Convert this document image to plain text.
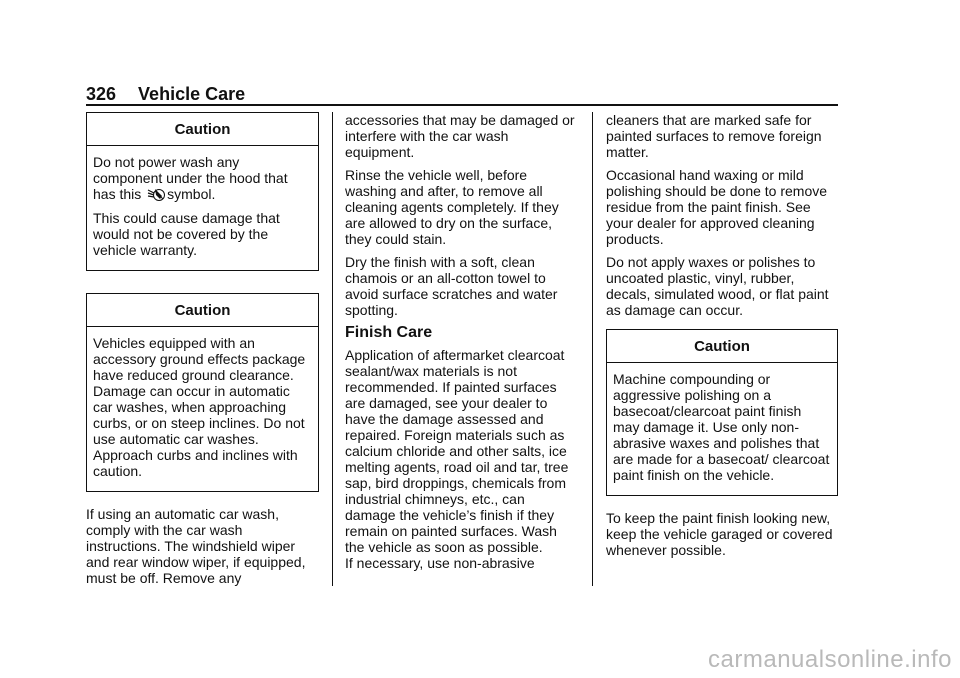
326 Vehicle Care
Caution

Do not power wash any component under the hood that has this symbol.

This could cause damage that would not be covered by the vehicle warranty.

Caution

Vehicles equipped with an accessory ground effects package have reduced ground clearance. Damage can occur in automatic car washes, when approaching curbs, or on steep inclines. Do not use automatic car washes. Approach curbs and inclines with caution.

If using an automatic car wash, comply with the car wash instructions. The windshield wiper and rear window wiper, if equipped, must be off. Remove any

accessories that may be damaged or interfere with the car wash equipment.

Rinse the vehicle well, before washing and after, to remove all cleaning agents completely. If they are allowed to dry on the surface, they could stain.

Dry the finish with a soft, clean chamois or an all-cotton towel to avoid surface scratches and water spotting.

Finish Care

Application of aftermarket clearcoat sealant/wax materials is not recommended. If painted surfaces are damaged, see your dealer to have the damage assessed and repaired. Foreign materials such as calcium chloride and other salts, ice melting agents, road oil and tar, tree sap, bird droppings, chemicals from industrial chimneys, etc., can damage the vehicle’s finish if they remain on painted surfaces. Wash the vehicle as soon as possible.

If necessary, use non-abrasive

cleaners that are marked safe for painted surfaces to remove foreign matter.

Occasional hand waxing or mild polishing should be done to remove residue from the paint finish. See your dealer for approved cleaning products.

Do not apply waxes or polishes to uncoated plastic, vinyl, rubber, decals, simulated wood, or flat paint as damage can occur.

Caution

Machine compounding or aggressive polishing on a basecoat/clearcoat paint finish may damage it. Use only non-abrasive waxes and polishes that are made for a basecoat/ clearcoat paint finish on the vehicle.

To keep the paint finish looking new, keep the vehicle garaged or covered whenever possible.

carmanualsonline.info
